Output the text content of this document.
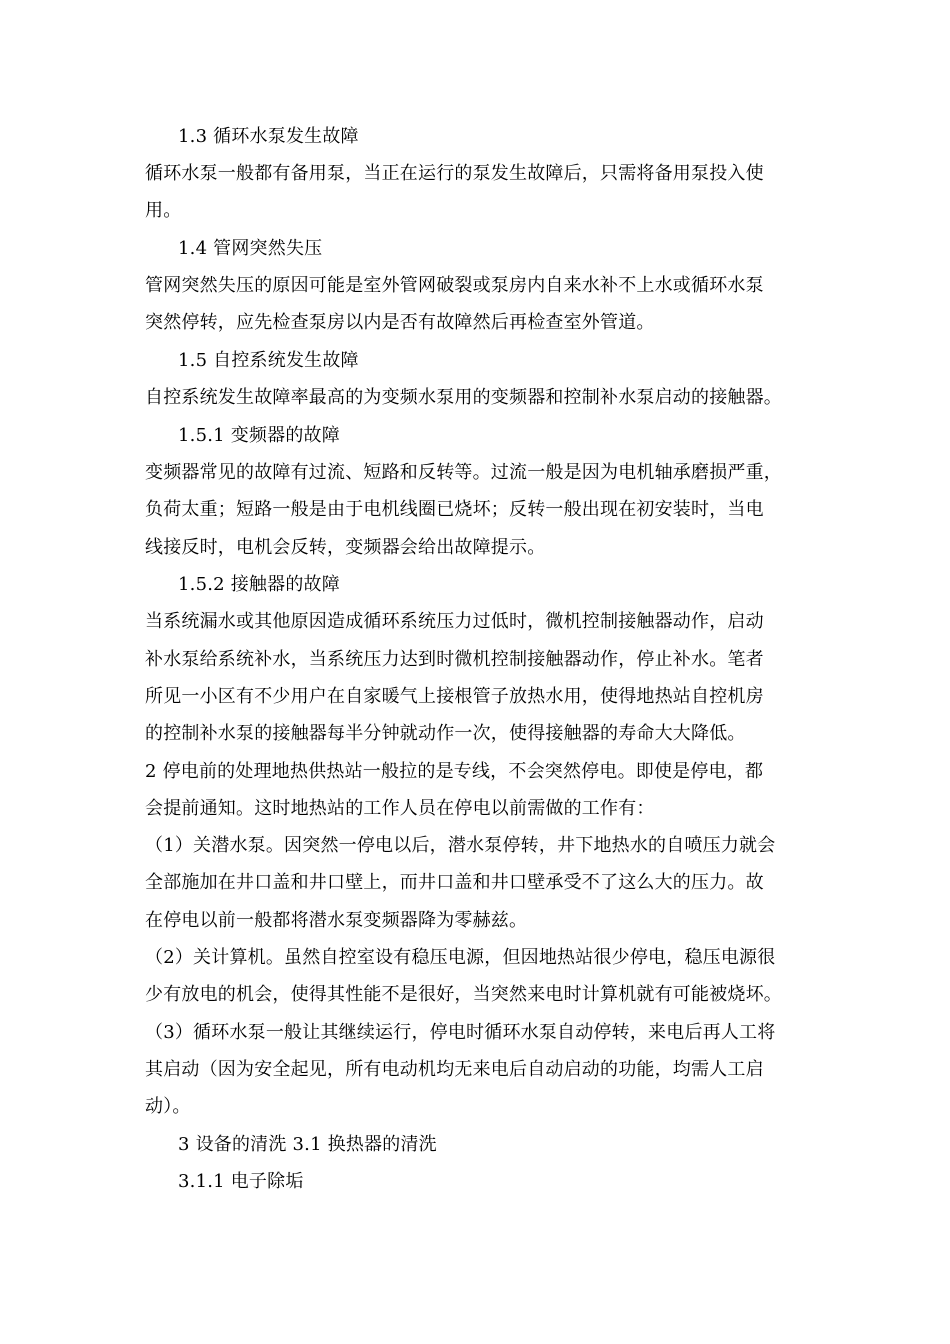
1.3 循环水泵发生故障
循环水泵一般都有备用泵，当正在运行的泵发生故障后，只需将备用泵投入使
用。
1.4 管网突然失压
管网突然失压的原因可能是室外管网破裂或泵房内自来水补不上水或循环水泵
突然停转，应先检查泵房以内是否有故障然后再检查室外管道。
1.5 自控系统发生故障
自控系统发生故障率最高的为变频水泵用的变频器和控制补水泵启动的接触器。
1.5.1 变频器的故障
变频器常见的故障有过流、短路和反转等。过流一般是因为电机轴承磨损严重，
负荷太重；短路一般是由于电机线圈已烧坏；反转一般出现在初安装时，当电
线接反时，电机会反转，变频器会给出故障提示。
1.5.2 接触器的故障
当系统漏水或其他原因造成循环系统压力过低时，微机控制接触器动作，启动
补水泵给系统补水，当系统压力达到时微机控制接触器动作，停止补水。笔者
所见一小区有不少用户在自家暖气上接根管子放热水用，使得地热站自控机房
的控制补水泵的接触器每半分钟就动作一次，使得接触器的寿命大大降低。
2 停电前的处理地热供热站一般拉的是专线，不会突然停电。即使是停电，都
会提前通知。这时地热站的工作人员在停电以前需做的工作有：
（1）关潜水泵。因突然一停电以后，潜水泵停转，井下地热水的自喷压力就会
全部施加在井口盖和井口壁上，而井口盖和井口壁承受不了这么大的压力。故
在停电以前一般都将潜水泵变频器降为零赫兹。
（2）关计算机。虽然自控室设有稳压电源，但因地热站很少停电，稳压电源很
少有放电的机会，使得其性能不是很好，当突然来电时计算机就有可能被烧坏。
（3）循环水泵一般让其继续运行，停电时循环水泵自动停转，来电后再人工将
其启动（因为安全起见，所有电动机均无来电后自动启动的功能，均需人工启
动）。
3 设备的清洗 3.1 换热器的清洗
3.1.1 电子除垢
